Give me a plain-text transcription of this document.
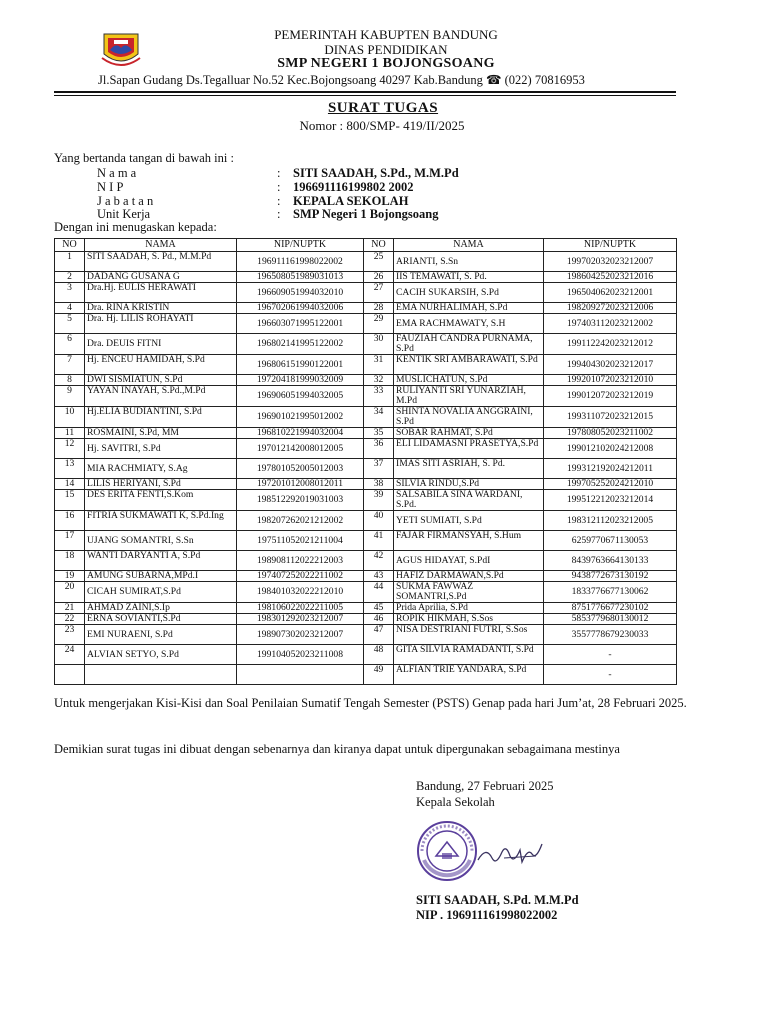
PEMERINTAH KABUPTEN BANDUNG
DINAS PENDIDIKAN
SMP NEGERI 1 BOJONGSOANG
Jl.Sapan Gudang Ds.Tegalluar No.52 Kec.Bojongsoang 40297 Kab.Bandung ☎ (022) 70816953
SURAT TUGAS
Nomor : 800/SMP- 419/II/2025
Yang bertanda tangan di bawah ini :
N a m a	: SITI SAADAH, S.Pd., M.M.Pd
N I P	: 196691116199802 2002
J a b a t a n	: KEPALA SEKOLAH
Unit Kerja	: SMP Negeri 1 Bojongsoang
Dengan ini menugaskan kepada:
NO	NAMA	NIP/NUPTK	NO	NAMA	NIP/NUPTK
1	SITI SAADAH, S. Pd., M.M.Pd	196911161998022002	25	ARIANTI, S.Sn	199702032023212007
2	DADANG GUSANA G	196508051989031013	26	IIS TEMAWATI, S. Pd.	198604252023212016
3	Dra.Hj. EULIS HERAWATI	196609051994032010	27	CACIH SUKARSIH, S.Pd	196504062023212001
4	Dra. RINA KRISTIN	196702061994032006	28	EMA NURHALIMAH, S.Pd	198209272023212006
5	Dra. Hj. LILIS ROHAYATI	196603071995122001	29	EMA RACHMAWATY, S.H	197403112023212002
6	Dra. DEUIS FITNI	196802141995122002	30	FAUZIAH CANDRA PURNAMA, S.Pd	199112242023212012
7	Hj. ENCEU HAMIDAH, S.Pd	196806151990122001	31	KENTIK SRI AMBARAWATI, S.Pd	199404302023212017
8	DWI SISMIATUN, S.Pd	197204181999032009	32	MUSLICHATUN, S.Pd	199201072023212010
9	YAYAN INAYAH, S.Pd.,M.Pd	196906051994032005	33	RULIYANTI SRI YUNARZIAH, M.Pd	199012072023212019
10	Hj.ELIA BUDIANTINI, S.Pd	196901021995012002	34	SHINTA NOVALIA ANGGRAINI, S.Pd	199311072023212015
11	ROSMAINI, S.Pd, MM	196810221994032004	35	SOBAR RAHMAT, S.Pd	197808052023211002
12	Hj. SAVITRI, S.Pd	197012142008012005	36	ELI LIDAMASNI PRASETYA,S.Pd	199012102024212008
13	MIA RACHMIATY, S.Ag	197801052005012003	37	IMAS SITI ASRIAH, S. Pd.	199312192024212011
14	LILIS HERIYANI, S.Pd	197201012008012011	38	SILVIA RINDU,S.Pd	199705252024212010
15	DES ERITA FENTI,S.Kom	198512292019031003	39	SALSABILA SINA WARDANI, S.Pd.	199512212023212014
16	FITRIA SUKMAWATI K, S.Pd.Ing	198207262021212002	40	YETI SUMIATI, S.Pd	198312112023212005
17	UJANG SOMANTRI, S.Sn	197511052021211004	41	FAJAR FIRMANSYAH, S.Hum	6259770671130053
18	WANTI DARYANTI A, S.Pd	198908112022212003	42	AGUS HIDAYAT, S.PdI	8439763664130133
19	AMUNG SUBARNA,MPd.I	197407252022211002	43	HAFIZ DARMAWAN,S.Pd	9438772673130192
20	CICAH SUMIRAT,S.Pd	198401032022212010	44	SUKMA FAWWAZ SOMANTRI,S.Pd	1833776677130062
21	AHMAD ZAINI,S.Ip	198106022022211005	45	Prida Aprilia, S.Pd	8751776677230102
22	ERNA SOVIANTI,S.Pd	198301292023212007	46	ROPIK HIKMAH, S.Sos	5853779680130012
23	EMI NURAENI, S.Pd	198907302023212007	47	NISA DESTRIANI FUTRI, S.Sos	3557778679230033
24	ALVIAN SETYO, S.Pd	199104052023211008	48	GITA SILVIA RAMADANTI, S.Pd	-
			49	ALFIAN TRIE YANDARA, S.Pd	-
Untuk mengerjakan Kisi-Kisi dan Soal Penilaian Sumatif Tengah Semester (PSTS) Genap pada hari Jum’at, 28 Februari 2025.
Demikian surat tugas ini dibuat dengan sebenarnya dan kiranya dapat untuk dipergunakan sebagaimana mestinya
Bandung, 27 Februari 2025
Kepala Sekolah
SITI SAADAH, S.Pd. M.M.Pd
NIP . 196911161998022002
